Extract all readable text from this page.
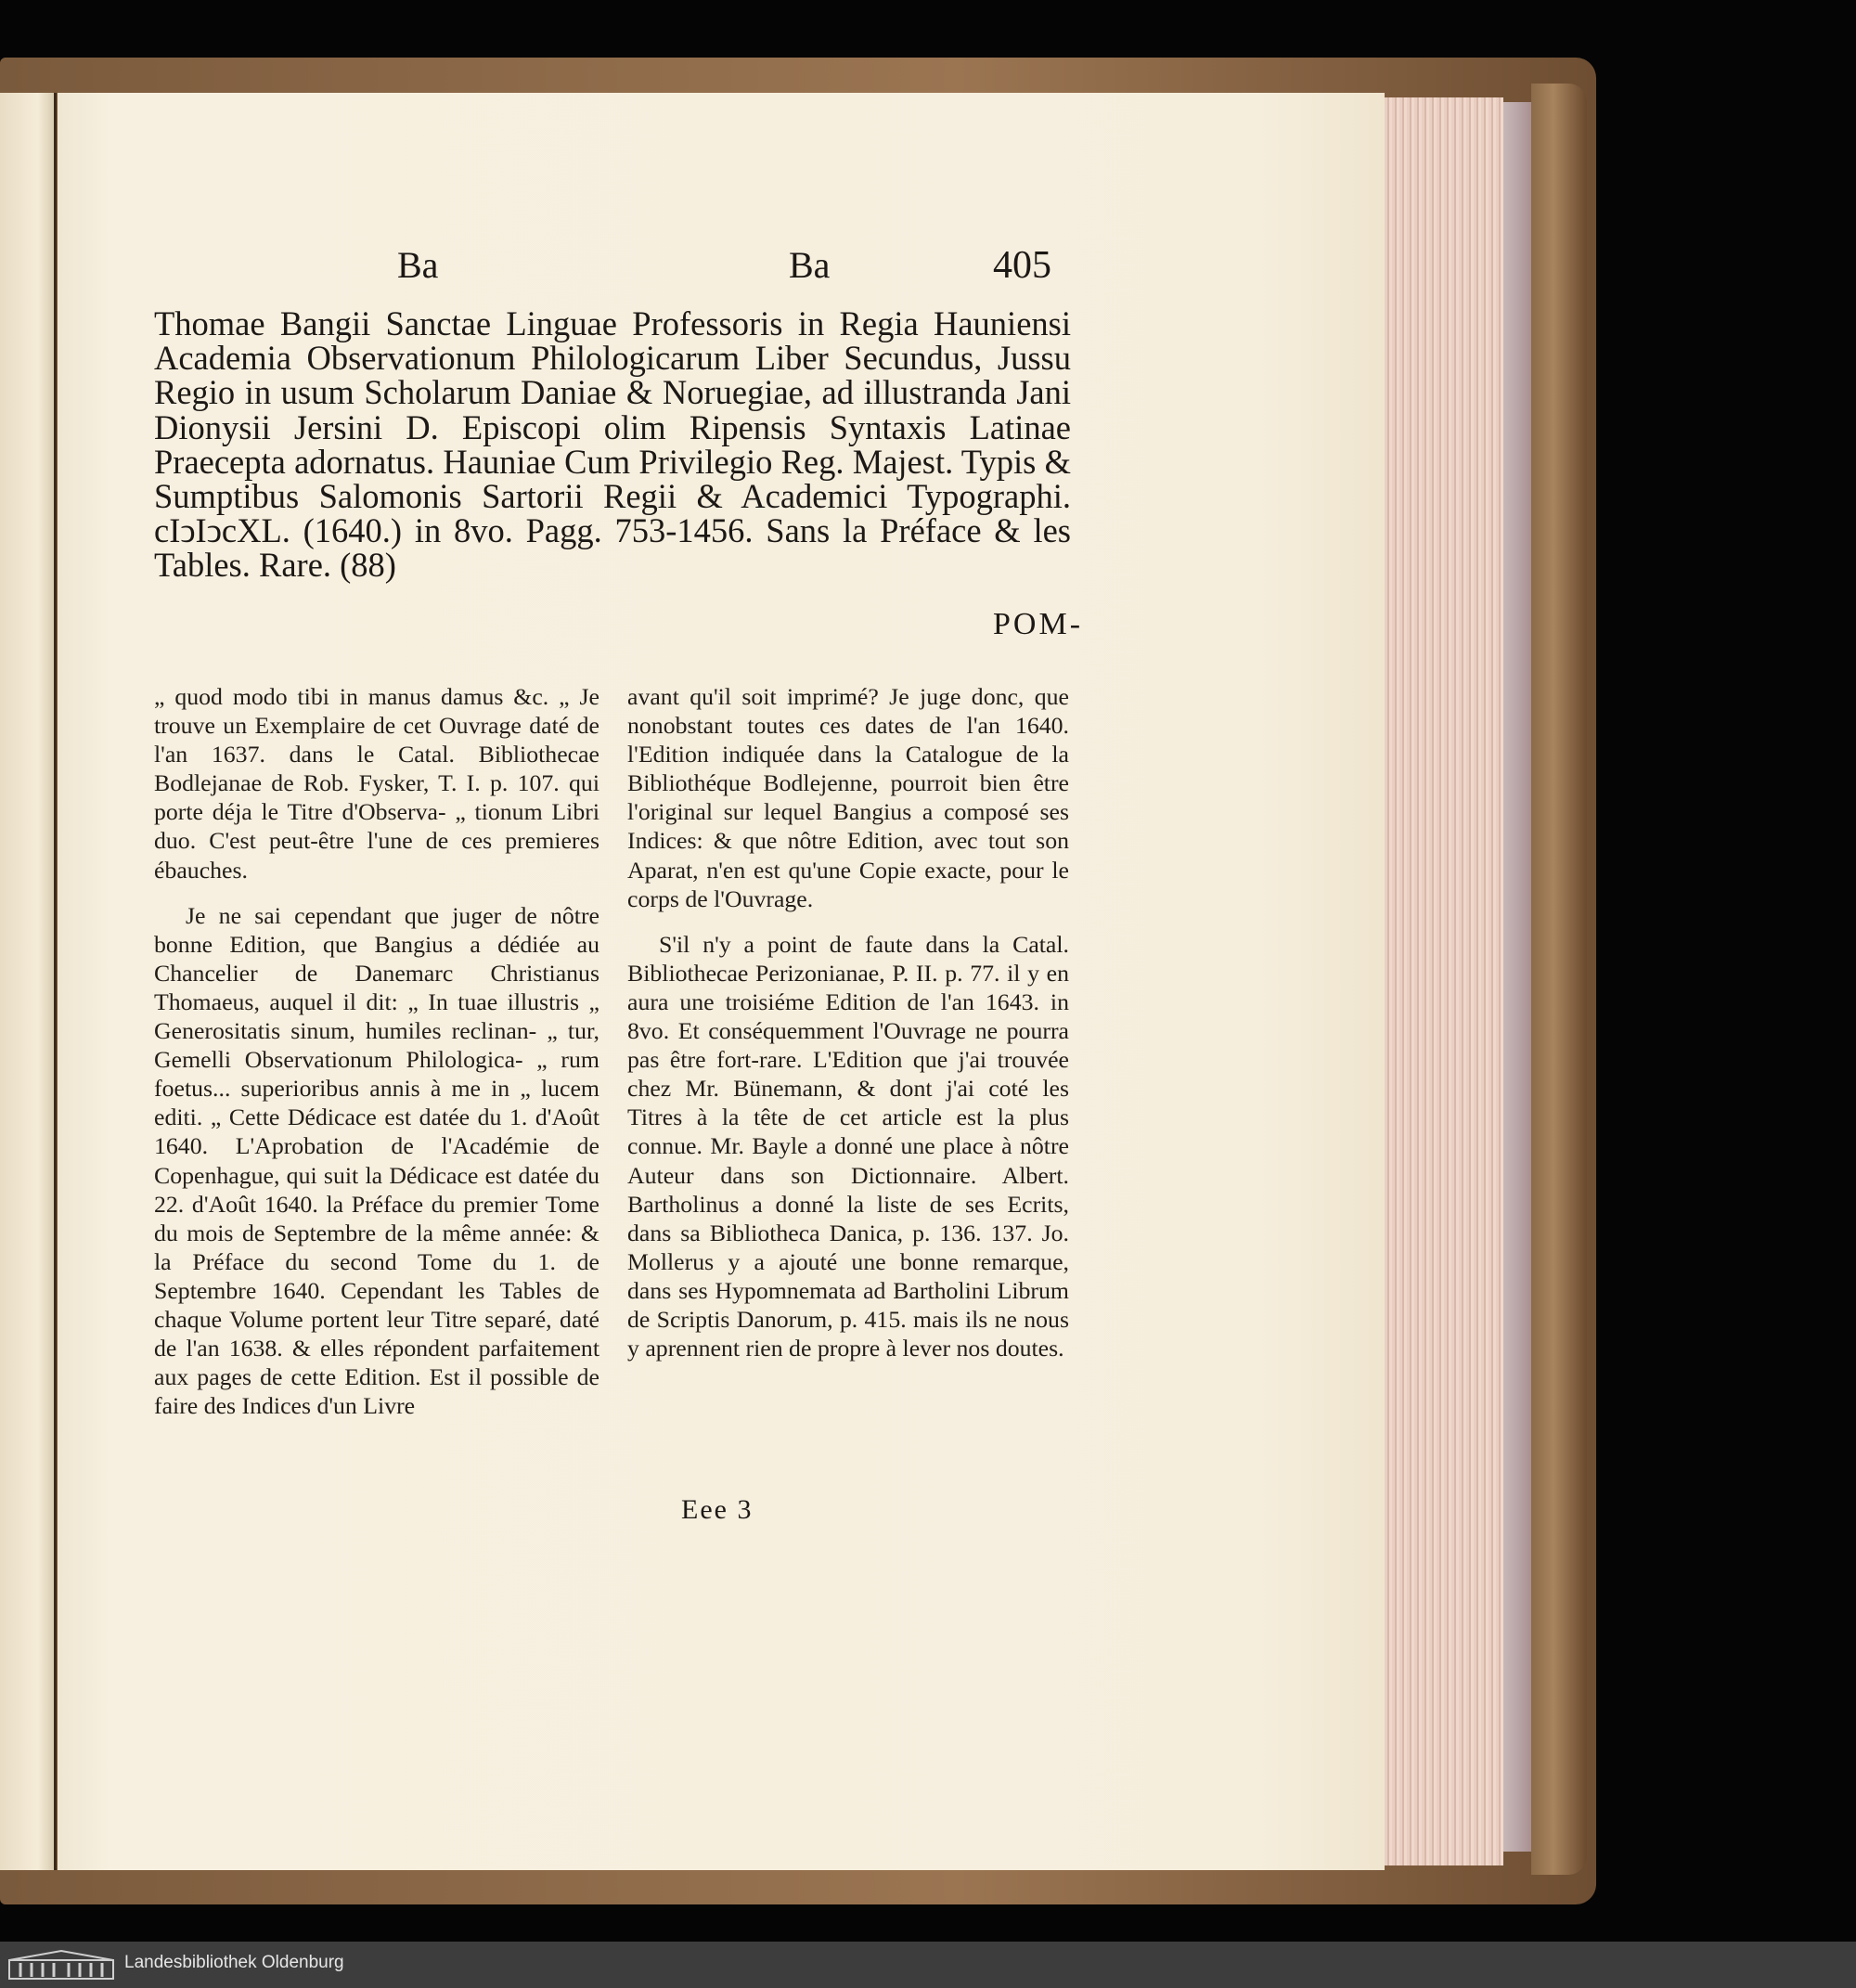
Ba	Ba	405

Thomae Bangii Sanctae Linguae Professoris in Regia Hauniensi Academia Observationum Philologicarum Liber Secundus, Jussu Regio in usum Scholarum Daniae & Noruegiae, ad illustranda Jani Dionysii Jersini D. Episcopi olim Ripensis Syntaxis Latinae Praecepta adornatus. Hauniae Cum Privilegio Reg. Majest. Typis & Sumptibus Salomonis Sartorii Regii & Academici Typographi. cIↄIↄcXL. (1640.) in 8vo. Pagg. 753-1456. Sans la Préface & les Tables. Rare. (88)

POM-

„ quod modo tibi in manus damus &c. „ Je trouve un Exemplaire de cet Ouvrage daté de l'an 1637. dans le Catal. Bibliothecae Bodlejanae de Rob. Fysker, T. I. p. 107. qui porte déja le Titre d'Observa- „ tionum Libri duo. C'est peut-être l'une de ces premieres ébauches.

Je ne sai cependant que juger de nôtre bonne Edition, que Bangius a dédiée au Chancelier de Danemarc Christianus Thomaeus, auquel il dit: „ In tuae illustris „ Generositatis sinum, humiles reclinan- „ tur, Gemelli Observationum Philologica- „ rum foetus... superioribus annis à me in „ lucem editi. „ Cette Dédicace est datée du 1. d'Août 1640. L'Aprobation de l'Académie de Copenhague, qui suit la Dédicace est datée du 22. d'Août 1640. la Préface du premier Tome du mois de Septembre de la même année: & la Préface du second Tome du 1. de Septembre 1640. Cependant les Tables de chaque Volume portent leur Titre separé, daté de l'an 1638. & elles répondent parfaitement aux pages de cette Edition. Est il possible de faire des Indices d'un Livre

avant qu'il soit imprimé? Je juge donc, que nonobstant toutes ces dates de l'an 1640. l'Edition indiquée dans la Catalogue de la Bibliothéque Bodlejenne, pourroit bien être l'original sur lequel Bangius a composé ses Indices: & que nôtre Edition, avec tout son Aparat, n'en est qu'une Copie exacte, pour le corps de l'Ouvrage.

S'il n'y a point de faute dans la Catal. Bibliothecae Perizonianae, P. II. p. 77. il y en aura une troisiéme Edition de l'an 1643. in 8vo. Et conséquemment l'Ouvrage ne pourra pas être fort-rare. L'Edition que j'ai trouvée chez Mr. Bünemann, & dont j'ai coté les Titres à la tête de cet article est la plus connue. Mr. Bayle a donné une place à nôtre Auteur dans son Dictionnaire. Albert. Bartholinus a donné la liste de ses Ecrits, dans sa Bibliotheca Danica, p. 136. 137. Jo. Mollerus y a ajouté une bonne remarque, dans ses Hypomnemata ad Bartholini Librum de Scriptis Danorum, p. 415. mais ils ne nous y aprennent rien de propre à lever nos doutes.

Eee 3
Landesbibliothek Oldenburg
